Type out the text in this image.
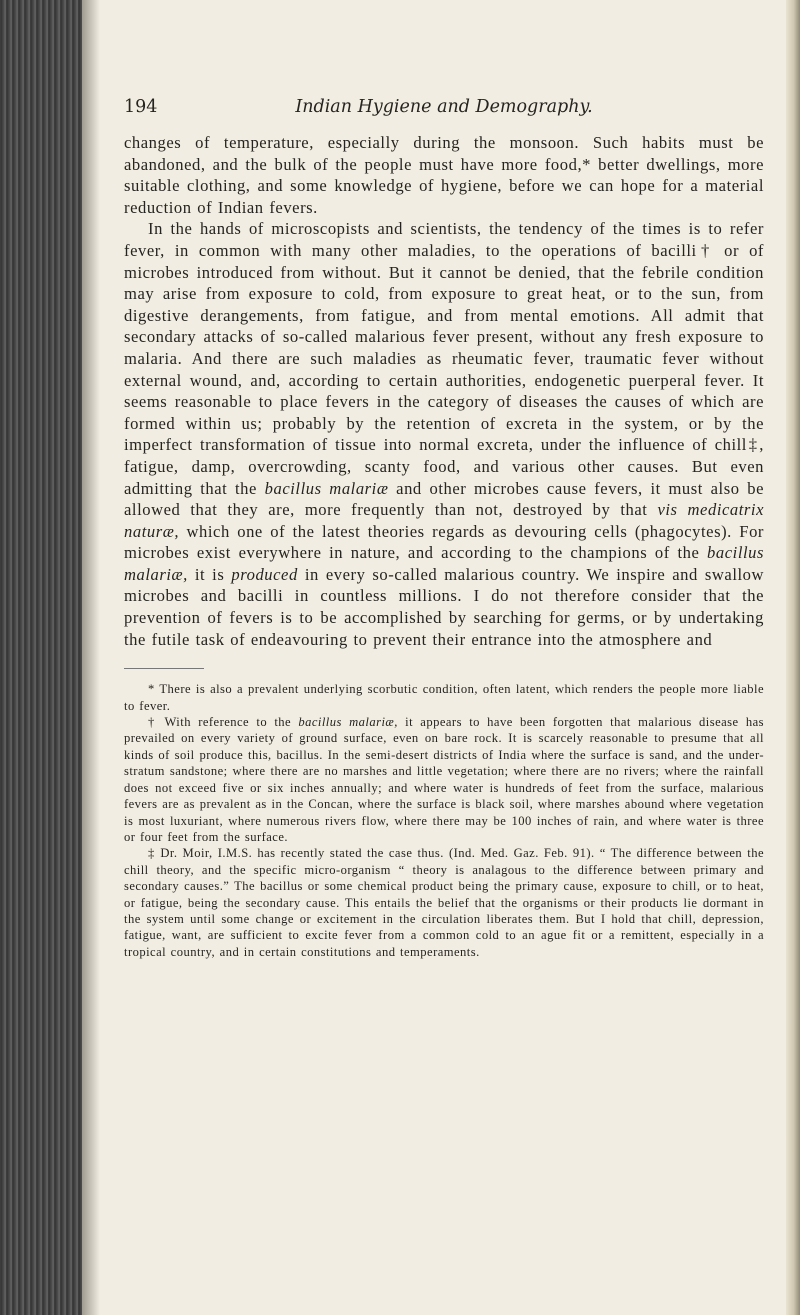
194	Indian Hygiene and Demography.

changes of temperature, especially during the monsoon. Such habits must be abandoned, and the bulk of the people must have more food,* better dwellings, more suitable clothing, and some knowledge of hygiene, before we can hope for a material reduction of Indian fevers.

In the hands of microscopists and scientists, the tendency of the times is to refer fever, in common with many other maladies, to the operations of bacilli† or of microbes introduced from without. But it cannot be denied, that the febrile condition may arise from exposure to cold, from exposure to great heat, or to the sun, from digestive derangements, from fatigue, and from mental emotions. All admit that secondary attacks of so-called malarious fever present, without any fresh exposure to malaria. And there are such maladies as rheumatic fever, traumatic fever without external wound, and, according to certain authorities, endogenetic puerperal fever. It seems reasonable to place fevers in the category of diseases the causes of which are formed within us; probably by the retention of excreta in the system, or by the imperfect transformation of tissue into normal excreta, under the influence of chill‡, fatigue, damp, overcrowding, scanty food, and various other causes. But even admitting that the bacillus malariæ and other microbes cause fevers, it must also be allowed that they are, more frequently than not, destroyed by that vis medicatrix naturæ, which one of the latest theories regards as devouring cells (phagocytes). For microbes exist everywhere in nature, and according to the champions of the bacillus malariæ, it is produced in every so-called malarious country. We inspire and swallow microbes and bacilli in countless millions. I do not therefore consider that the prevention of fevers is to be accomplished by searching for germs, or by undertaking the futile task of endeavouring to prevent their entrance into the atmosphere and

* There is also a prevalent underlying scorbutic condition, often latent, which renders the people more liable to fever.

† With reference to the bacillus malariæ, it appears to have been forgotten that malarious disease has prevailed on every variety of ground surface, even on bare rock. It is scarcely reasonable to presume that all kinds of soil produce this, bacillus. In the semi-desert districts of India where the surface is sand, and the under-stratum sandstone; where there are no marshes and little vegetation; where there are no rivers; where the rainfall does not exceed five or six inches annually; and where water is hundreds of feet from the surface, malarious fevers are as prevalent as in the Concan, where the surface is black soil, where marshes abound where vegetation is most luxuriant, where numerous rivers flow, where there may be 100 inches of rain, and where water is three or four feet from the surface.

‡ Dr. Moir, I.M.S. has recently stated the case thus. (Ind. Med. Gaz. Feb. 91). “ The difference between the chill theory, and the specific micro-organism “ theory is analagous to the difference between primary and secondary causes.” The bacillus or some chemical product being the primary cause, exposure to chill, or to heat, or fatigue, being the secondary cause. This entails the belief that the organisms or their products lie dormant in the system until some change or excitement in the circulation liberates them. But I hold that chill, depression, fatigue, want, are sufficient to excite fever from a common cold to an ague fit or a remittent, especially in a tropical country, and in certain constitutions and temperaments.
